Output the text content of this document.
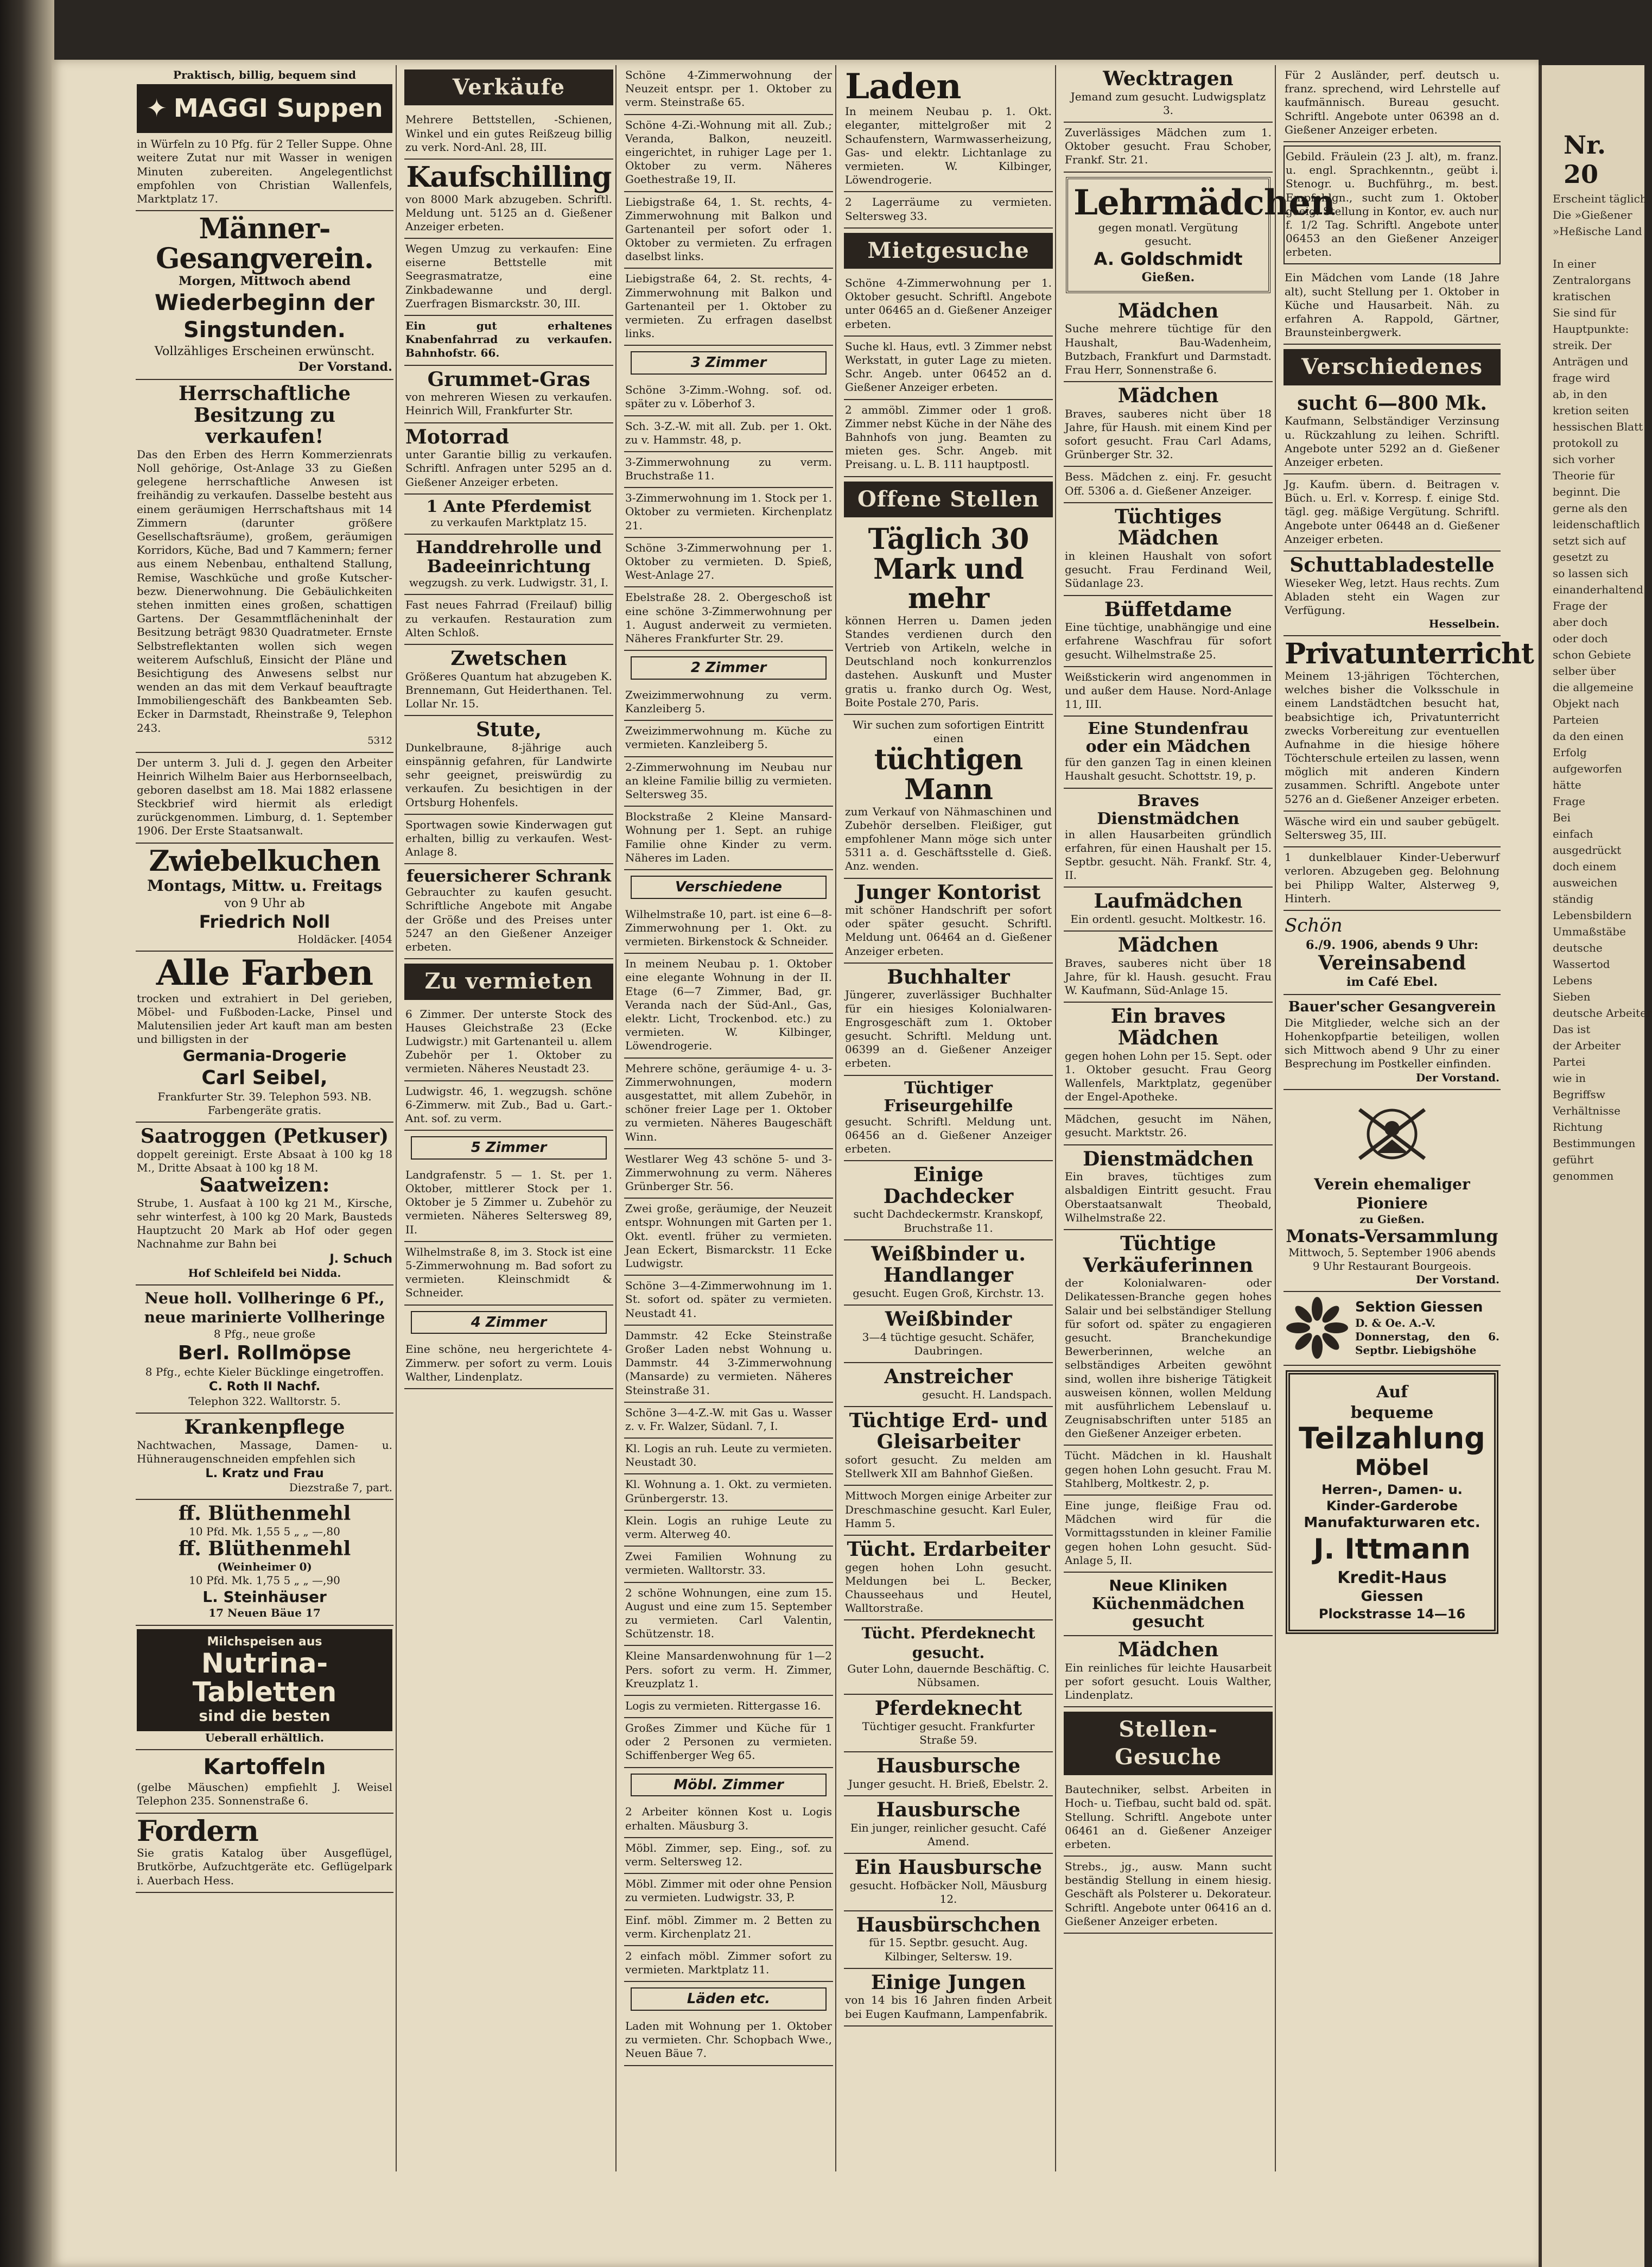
Praktisch, billig, bequem sind
✦ MAGGI Suppen
in Würfeln zu 10 Pfg. für 2 Teller Suppe. Ohne weitere Zutat nur mit Wasser in wenigen Minuten zubereiten. Angelegentlichst empfohlen von Christian Wallenfels, Marktplatz 17.
Männer-Gesangverein.
Morgen, Mittwoch abend
Wiederbeginn der Singstunden.
Vollzähliges Erscheinen erwünscht.
Der Vorstand.
Herrschaftliche Besitzung zu verkaufen!
Das den Erben des Herrn Kommerzienrats Noll gehörige, Ost-Anlage 33 zu Gießen gelegene herrschaftliche Anwesen ist freihändig zu verkaufen. Dasselbe besteht aus einem geräumigen Herrschaftshaus mit 14 Zimmern (darunter größere Gesellschaftsräume), großem, geräumigen Korridors, Küche, Bad und 7 Kammern; ferner aus einem Nebenbau, enthaltend Stallung, Remise, Waschküche und große Kutscher- bezw. Dienerwohnung. Die Gebäulichkeiten stehen inmitten eines großen, schattigen Gartens. Der Gesammtflächeninhalt der Besitzung beträgt 9830 Quadratmeter. Ernste Selbstreflektanten wollen sich wegen weiterem Aufschluß, Einsicht der Pläne und Besichtigung des Anwesens selbst nur wenden an das mit dem Verkauf beauftragte Immobiliengeschäft des Bankbeamten Seb. Ecker in Darmstadt, Rheinstraße 9, Telephon 243.
5312
Der unterm 3. Juli d. J. gegen den Arbeiter Heinrich Wilhelm Baier aus Herbornseelbach, geboren daselbst am 18. Mai 1882 erlassene Steckbrief wird hiermit als erledigt zurückgenommen. Limburg, d. 1. September 1906. Der Erste Staatsanwalt.
Zwiebelkuchen
Montags, Mittw. u. Freitags
von 9 Uhr ab
Friedrich Noll
Holdäcker. [4054
Alle Farben
trocken und extrahiert in Del gerieben, Möbel- und Fußboden-Lacke, Pinsel und Malutensilien jeder Art kauft man am besten und billigsten in der
Germania-Drogerie
Carl Seibel,
Frankfurter Str. 39. Telephon 593. NB. Farbengeräte gratis.
Saatroggen (Petkuser)
doppelt gereinigt. Erste Absaat à 100 kg 18 M., Dritte Absaat à 100 kg 18 M.
Saatweizen:
Strube, 1. Ausfaat à 100 kg 21 M., Kirsche, sehr winterfest, à 100 kg 20 Mark, Bausteds Hauptzucht 20 Mark ab Hof oder gegen Nachnahme zur Bahn bei
J. Schuch
Hof Schleifeld bei Nidda.
Neue holl. Vollheringe 6 Pf., neue marinierte Vollheringe
8 Pfg., neue große
Berl. Rollmöpse
8 Pfg., echte Kieler Bücklinge eingetroffen.
C. Roth II Nachf.
Telephon 322. Walltorstr. 5.
Krankenpflege
Nachtwachen, Massage, Damen- u. Hühneraugenschneiden empfehlen sich
L. Kratz und Frau
Diezstraße 7, part.
ff. Blüthenmehl
10 Pfd. Mk. 1,55 5 „ „ —,80
ff. Blüthenmehl
(Weinheimer 0)
10 Pfd. Mk. 1,75 5 „ „ —,90
L. Steinhäuser
17 Neuen Bäue 17
Milchspeisen aus
Nutrina-Tabletten
sind die besten
Ueberall erhältlich.
Kartoffeln
(gelbe Mäuschen) empfiehlt J. Weisel Telephon 235. Sonnenstraße 6.
Fordern
Sie gratis Katalog über Ausgeflügel, Brutkörbe, Aufzuchtgeräte etc. Geflügelpark i. Auerbach Hess.
Verkäufe
Mehrere Bettstellen, -Schienen, Winkel und ein gutes Reißzeug billig zu verk. Nord-Anl. 28, III.
Kaufschilling
von 8000 Mark abzugeben. Schriftl. Meldung unt. 5125 an d. Gießener Anzeiger erbeten.
Wegen Umzug zu verkaufen: Eine eiserne Bettstelle mit Seegrasmatratze, eine Zinkbadewanne und dergl. Zuerfragen Bismarckstr. 30, III.
Ein gut erhaltenes Knabenfahrrad zu verkaufen. Bahnhofstr. 66.
Grummet-Gras
von mehreren Wiesen zu verkaufen. Heinrich Will, Frankfurter Str.
Motorrad
unter Garantie billig zu verkaufen. Schriftl. Anfragen unter 5295 an d. Gießener Anzeiger erbeten.
1 Ante Pferdemist
zu verkaufen Marktplatz 15.
Handdrehrolle und Badeeinrichtung
wegzugsh. zu verk. Ludwigstr. 31, I.
Fast neues Fahrrad (Freilauf) billig zu verkaufen. Restauration zum Alten Schloß.
Zwetschen
Größeres Quantum hat abzugeben K. Brennemann, Gut Heiderthanen. Tel. Lollar Nr. 15.
Stute,
Dunkelbraune, 8-jährige auch einspännig gefahren, für Landwirte sehr geeignet, preiswürdig zu verkaufen. Zu besichtigen in der Ortsburg Hohenfels.
Sportwagen sowie Kinderwagen gut erhalten, billig zu verkaufen. West-Anlage 8.
feuersicherer Schrank
Gebrauchter zu kaufen gesucht. Schriftliche Angebote mit Angabe der Größe und des Preises unter 5247 an den Gießener Anzeiger erbeten.
Zu vermieten
6 Zimmer. Der unterste Stock des Hauses Gleichstraße 23 (Ecke Ludwigstr.) mit Gartenanteil u. allem Zubehör per 1. Oktober zu vermieten. Näheres Neustadt 23.
Ludwigstr. 46, 1. wegzugsh. schöne 6-Zimmerw. mit Zub., Bad u. Gart.-Ant. sof. zu verm.
5 Zimmer
Landgrafenstr. 5 — 1. St. per 1. Oktober, mittlerer Stock per 1. Oktober je 5 Zimmer u. Zubehör zu vermieten. Näheres Seltersweg 89, II.
Wilhelmstraße 8, im 3. Stock ist eine 5-Zimmerwohnung m. Bad sofort zu vermieten. Kleinschmidt & Schneider.
4 Zimmer
Eine schöne, neu hergerichtete 4-Zimmerw. per sofort zu verm. Louis Walther, Lindenplatz.
Schöne 4-Zimmerwohnung der Neuzeit entspr. per 1. Oktober zu verm. Steinstraße 65.
Schöne 4-Zi.-Wohnung mit all. Zub.; Veranda, Balkon, neuzeitl. eingerichtet, in ruhiger Lage per 1. Oktober zu verm. Näheres Goethestraße 19, II.
Liebigstraße 64, 1. St. rechts, 4-Zimmerwohnung mit Balkon und Gartenanteil per sofort oder 1. Oktober zu vermieten. Zu erfragen daselbst links.
Liebigstraße 64, 2. St. rechts, 4-Zimmerwohnung mit Balkon und Gartenanteil per 1. Oktober zu vermieten. Zu erfragen daselbst links.
3 Zimmer
Schöne 3-Zimm.-Wohng. sof. od. später zu v. Löberhof 3.
Sch. 3-Z.-W. mit all. Zub. per 1. Okt. zu v. Hammstr. 48, p.
3-Zimmerwohnung zu verm. Bruchstraße 11.
3-Zimmerwohnung im 1. Stock per 1. Oktober zu vermieten. Kirchenplatz 21.
Schöne 3-Zimmerwohnung per 1. Oktober zu vermieten. D. Spieß, West-Anlage 27.
Ebelstraße 28. 2. Obergeschoß ist eine schöne 3-Zimmerwohnung per 1. August anderweit zu vermieten. Näheres Frankfurter Str. 29.
2 Zimmer
Zweizimmerwohnung zu verm. Kanzleiberg 5.
Zweizimmerwohnung m. Küche zu vermieten. Kanzleiberg 5.
2-Zimmerwohnung im Neubau nur an kleine Familie billig zu vermieten. Seltersweg 35.
Blockstraße 2 Kleine Mansard-Wohnung per 1. Sept. an ruhige Familie ohne Kinder zu verm. Näheres im Laden.
Verschiedene
Wilhelmstraße 10, part. ist eine 6—8-Zimmerwohnung per 1. Okt. zu vermieten. Birkenstock & Schneider.
In meinem Neubau p. 1. Oktober eine elegante Wohnung in der II. Etage (6—7 Zimmer, Bad, gr. Veranda nach der Süd-Anl., Gas, elektr. Licht, Trockenbod. etc.) zu vermieten. W. Kilbinger, Löwendrogerie.
Mehrere schöne, geräumige 4- u. 3-Zimmerwohnungen, modern ausgestattet, mit allem Zubehör, in schöner freier Lage per 1. Oktober zu vermieten. Näheres Baugeschäft Winn.
Westlarer Weg 43 schöne 5- und 3-Zimmerwohnung zu verm. Näheres Grünberger Str. 56.
Zwei große, geräumige, der Neuzeit entspr. Wohnungen mit Garten per 1. Okt. eventl. früher zu vermieten. Jean Eckert, Bismarckstr. 11 Ecke Ludwigstr.
Schöne 3—4-Zimmerwohnung im 1. St. sofort od. später zu vermieten. Neustadt 41.
Dammstr. 42 Ecke Steinstraße Großer Laden nebst Wohnung u. Dammstr. 44 3-Zimmerwohnung (Mansarde) zu vermieten. Näheres Steinstraße 31.
Schöne 3—4-Z.-W. mit Gas u. Wasser z. v. Fr. Walzer, Südanl. 7, I.
Kl. Logis an ruh. Leute zu vermieten. Neustadt 30.
Kl. Wohnung a. 1. Okt. zu vermieten. Grünbergerstr. 13.
Klein. Logis an ruhige Leute zu verm. Alterweg 40.
Zwei Familien Wohnung zu vermieten. Walltorstr. 33.
2 schöne Wohnungen, eine zum 15. August und eine zum 15. September zu vermieten. Carl Valentin, Schützenstr. 18.
Kleine Mansardenwohnung für 1—2 Pers. sofort zu verm. H. Zimmer, Kreuzplatz 1.
Logis zu vermieten. Rittergasse 16.
Großes Zimmer und Küche für 1 oder 2 Personen zu vermieten. Schiffenberger Weg 65.
Möbl. Zimmer
2 Arbeiter können Kost u. Logis erhalten. Mäusburg 3.
Möbl. Zimmer, sep. Eing., sof. zu verm. Seltersweg 12.
Möbl. Zimmer mit oder ohne Pension zu vermieten. Ludwigstr. 33, P.
Einf. möbl. Zimmer m. 2 Betten zu verm. Kirchenplatz 21.
2 einfach möbl. Zimmer sofort zu vermieten. Marktplatz 11.
Läden etc.
Laden mit Wohnung per 1. Oktober zu vermieten. Chr. Schopbach Wwe., Neuen Bäue 7.
Laden
In meinem Neubau p. 1. Okt. eleganter, mittelgroßer mit 2 Schaufenstern, Warmwasserheizung, Gas- und elektr. Lichtanlage zu vermieten. W. Kilbinger, Löwendrogerie.
2 Lagerräume zu vermieten. Seltersweg 33.
Mietgesuche
Schöne 4-Zimmerwohnung per 1. Oktober gesucht. Schriftl. Angebote unter 06465 an d. Gießener Anzeiger erbeten.
Suche kl. Haus, evtl. 3 Zimmer nebst Werkstatt, in guter Lage zu mieten. Schr. Angeb. unter 06452 an d. Gießener Anzeiger erbeten.
2 ammöbl. Zimmer oder 1 groß. Zimmer nebst Küche in der Nähe des Bahnhofs von jung. Beamten zu mieten ges. Schr. Angeb. mit Preisang. u. L. B. 111 hauptpostl.
Offene Stellen
Täglich 30 Mark und mehr
können Herren u. Damen jeden Standes verdienen durch den Vertrieb von Artikeln, welche in Deutschland noch konkurrenzlos dastehen. Auskunft und Muster gratis u. franko durch Og. West, Boite Postale 270, Paris.
Wir suchen zum sofortigen Eintritt einen
tüchtigen Mann
zum Verkauf von Nähmaschinen und Zubehör derselben. Fleißiger, gut empfohlener Mann möge sich unter 5311 a. d. Geschäftsstelle d. Gieß. Anz. wenden.
Junger Kontorist
mit schöner Handschrift per sofort oder später gesucht. Schriftl. Meldung unt. 06464 an d. Gießener Anzeiger erbeten.
Buchhalter
Jüngerer, zuverlässiger Buchhalter für ein hiesiges Kolonialwaren-Engrosgeschäft zum 1. Oktober gesucht. Schriftl. Meldung unt. 06399 an d. Gießener Anzeiger erbeten.
Tüchtiger Friseurgehilfe
gesucht. Schriftl. Meldung unt. 06456 an d. Gießener Anzeiger erbeten.
Einige Dachdecker
sucht Dachdeckermstr. Kranskopf, Bruchstraße 11.
Weißbinder u. Handlanger
gesucht. Eugen Groß, Kirchstr. 13.
Weißbinder
3—4 tüchtige gesucht. Schäfer, Daubringen.
Anstreicher
gesucht. H. Landspach.
Tüchtige Erd- und Gleisarbeiter
sofort gesucht. Zu melden am Stellwerk XII am Bahnhof Gießen.
Mittwoch Morgen einige Arbeiter zur Dreschmaschine gesucht. Karl Euler, Hamm 5.
Tücht. Erdarbeiter
gegen hohen Lohn gesucht. Meldungen bei L. Becker, Chausseehaus und Heutel, Walltorstraße.
Tücht. Pferdeknecht gesucht.
Guter Lohn, dauernde Beschäftig. C. Nübsamen.
Pferdeknecht
Tüchtiger gesucht. Frankfurter Straße 59.
Hausbursche
Junger gesucht. H. Brieß, Ebelstr. 2.
Hausbursche
Ein junger, reinlicher gesucht. Café Amend.
Ein Hausbursche
gesucht. Hofbäcker Noll, Mäusburg 12.
Hausbürschchen
für 15. Septbr. gesucht. Aug. Kilbinger, Seltersw. 19.
Einige Jungen
von 14 bis 16 Jahren finden Arbeit bei Eugen Kaufmann, Lampenfabrik.
Wecktragen
Jemand zum gesucht. Ludwigsplatz 3.
Zuverlässiges Mädchen zum 1. Oktober gesucht. Frau Schober, Frankf. Str. 21.
Lehrmädchen
gegen monatl. Vergütung gesucht.
A. Goldschmidt
Gießen.
Mädchen
Suche mehrere tüchtige für den Haushalt, Bau-Wadenheim, Butzbach, Frankfurt und Darmstadt. Frau Herr, Sonnenstraße 6.
Mädchen
Braves, sauberes nicht über 18 Jahre, für Haush. mit einem Kind per sofort gesucht. Frau Carl Adams, Grünberger Str. 32.
Bess. Mädchen z. einj. Fr. gesucht Off. 5306 a. d. Gießener Anzeiger.
Tüchtiges Mädchen
in kleinen Haushalt von sofort gesucht. Frau Ferdinand Weil, Südanlage 23.
Büffetdame
Eine tüchtige, unabhängige und eine erfahrene Waschfrau für sofort gesucht. Wilhelmstraße 25.
Weißstickerin wird angenommen in und außer dem Hause. Nord-Anlage 11, III.
Eine Stundenfrau oder ein Mädchen
für den ganzen Tag in einen kleinen Haushalt gesucht. Schottstr. 19, p.
Braves Dienstmädchen
in allen Hausarbeiten gründlich erfahren, für einen Haushalt per 15. Septbr. gesucht. Näh. Frankf. Str. 4, II.
Laufmädchen
Ein ordentl. gesucht. Moltkestr. 16.
Mädchen
Braves, sauberes nicht über 18 Jahre, für kl. Haush. gesucht. Frau W. Kaufmann, Süd-Anlage 15.
Ein braves Mädchen
gegen hohen Lohn per 15. Sept. oder 1. Oktober gesucht. Frau Georg Wallenfels, Marktplatz, gegenüber der Engel-Apotheke.
Mädchen, gesucht im Nähen, gesucht. Marktstr. 26.
Dienstmädchen
Ein braves, tüchtiges zum alsbaldigen Eintritt gesucht. Frau Oberstaatsanwalt Theobald, Wilhelmstraße 22.
Tüchtige Verkäuferinnen
der Kolonialwaren- oder Delikatessen-Branche gegen hohes Salair und bei selbständiger Stellung für sofort od. später zu engagieren gesucht. Branchekundige Bewerberinnen, welche an selbständiges Arbeiten gewöhnt sind, wollen ihre bisherige Tätigkeit ausweisen können, wollen Meldung mit ausführlichem Lebenslauf u. Zeugnisabschriften unter 5185 an den Gießener Anzeiger erbeten.
Tücht. Mädchen in kl. Haushalt gegen hohen Lohn gesucht. Frau M. Stahlberg, Moltkestr. 2, p.
Eine junge, fleißige Frau od. Mädchen wird für die Vormittagsstunden in kleiner Familie gegen hohen Lohn gesucht. Süd-Anlage 5, II.
Neue Kliniken
Küchenmädchen gesucht
Mädchen
Ein reinliches für leichte Hausarbeit per sofort gesucht. Louis Walther, Lindenplatz.
Stellen-Gesuche
Bautechniker, selbst. Arbeiten in Hoch- u. Tiefbau, sucht bald od. spät. Stellung. Schriftl. Angebote unter 06461 an d. Gießener Anzeiger erbeten.
Strebs., jg., ausw. Mann sucht beständig Stellung in einem hiesig. Geschäft als Polsterer u. Dekorateur. Schriftl. Angebote unter 06416 an d. Gießener Anzeiger erbeten.
Für 2 Ausländer, perf. deutsch u. franz. sprechend, wird Lehrstelle auf kaufmännisch. Bureau gesucht. Schriftl. Angebote unter 06398 an d. Gießener Anzeiger erbeten.
Gebild. Fräulein (23 J. alt), m. franz. u. engl. Sprachkenntn., geübt i. Stenogr. u. Buchführg., m. best. Empfehlgn., sucht zum 1. Oktober geeig. Stellung in Kontor, ev. auch nur f. 1/2 Tag. Schriftl. Angebote unter 06453 an den Gießener Anzeiger erbeten.
Ein Mädchen vom Lande (18 Jahre alt), sucht Stellung per 1. Oktober in Küche und Hausarbeit. Näh. zu erfahren A. Rappold, Gärtner, Braunsteinbergwerk.
Verschiedenes
sucht 6—800 Mk.
Kaufmann, Selbständiger Verzinsung u. Rückzahlung zu leihen. Schriftl. Angebote unter 5292 an d. Gießener Anzeiger erbeten.
Jg. Kaufm. übern. d. Beitragen v. Büch. u. Erl. v. Korresp. f. einige Std. tägl. geg. mäßige Vergütung. Schriftl. Angebote unter 06448 an d. Gießener Anzeiger erbeten.
Schuttabladestelle
Wieseker Weg, letzt. Haus rechts. Zum Abladen steht ein Wagen zur Verfügung.
Hesselbein.
Privatunterricht
Meinem 13-jährigen Töchterchen, welches bisher die Volksschule in einem Landstädtchen besucht hat, beabsichtige ich, Privatunterricht zwecks Vorbereitung zur eventuellen Aufnahme in die hiesige höhere Töchterschule erteilen zu lassen, wenn möglich mit anderen Kindern zusammen. Schriftl. Angebote unter 5276 an d. Gießener Anzeiger erbeten.
Wäsche wird ein und sauber gebügelt. Seltersweg 35, III.
1 dunkelblauer Kinder-Ueberwurf verloren. Abzugeben geg. Belohnung bei Philipp Walter, Alsterweg 9, Hinterh.
Schön
6./9. 1906, abends 9 Uhr:
Vereinsabend
im Café Ebel.
Bauer'scher Gesangverein
Die Mitglieder, welche sich an der Hohenkopfpartie beteiligen, wollen sich Mittwoch abend 9 Uhr zu einer Besprechung im Postkeller einfinden.
Der Vorstand.
Verein ehemaliger Pioniere
zu Gießen.
Monats-Versammlung
Mittwoch, 5. September 1906 abends 9 Uhr Restaurant Bourgeois.
Der Vorstand.
Sektion Giessen
D. & Oe. A.-V.
Donnerstag, den 6. Septbr. Liebigshöhe
Auf
bequeme
Teilzahlung
Möbel
Herren-, Damen- u. Kinder-Garderobe
Manufakturwaren etc.
J. Ittmann
Kredit-Haus
Giessen
Plockstrasse 14—16
Nr. 20
Erscheint täglich
Die »Gießener
»Heßische Land

In einer
Zentralorgans
kratischen
Sie sind für
Hauptpunkte:
streik. Der
Anträgen und
frage wird
ab, in den
kretion seiten
hessischen Blatt
protokoll zu
sich vorher
Theorie für
beginnt. Die
gerne als den
leidenschaftlich
setzt sich auf
gesetzt zu
so lassen sich
einanderhaltend
Frage der
aber doch
oder doch
schon Gebiete
selber über
die allgemeine
Objekt nach
Parteien
da den einen
Erfolg
aufgeworfen
hätte
Frage
Bei
einfach
ausgedrückt
doch einem
ausweichen
ständig
Lebensbildern
Ummaßstäbe
deutsche
Wassertod
Lebens
Sieben
deutsche Arbeiter
Das ist
der Arbeiter
Partei
wie in
Begriffsw
Verhältnisse
Richtung
Bestimmungen
geführt
genommen
